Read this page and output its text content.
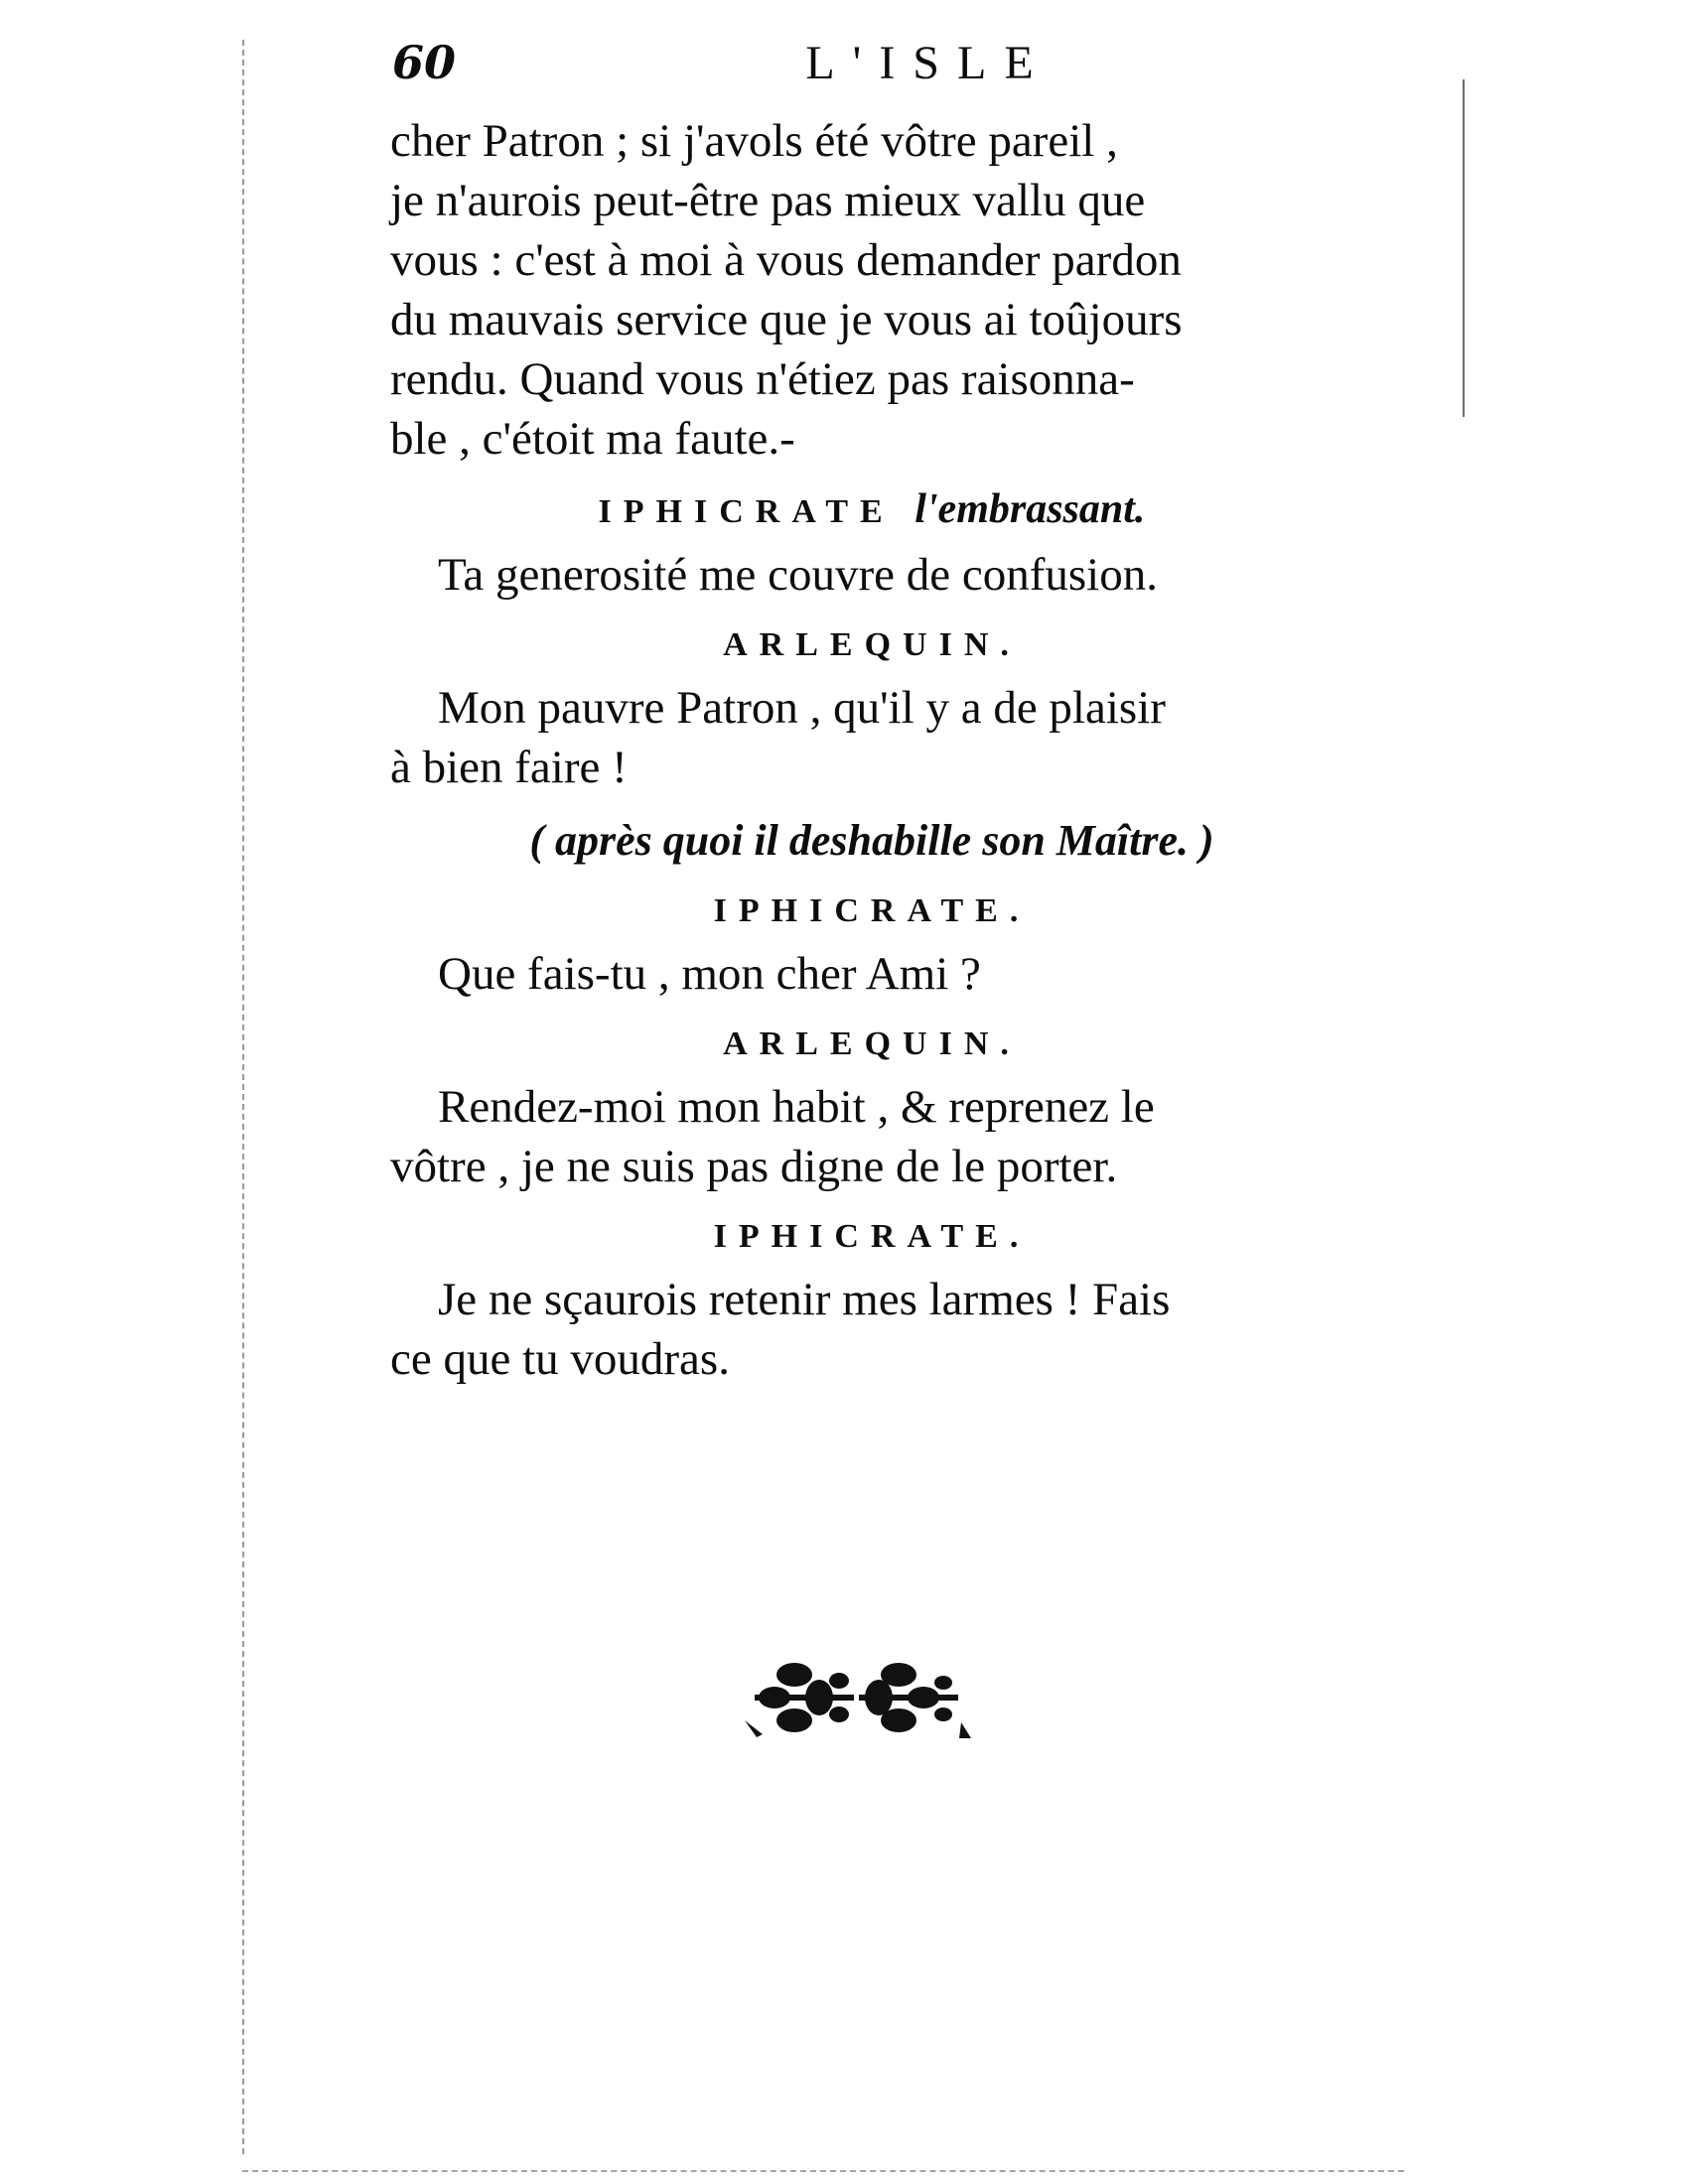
60	L'ISLE

cher Patron ; si j'avols été vôtre pareil ,

je n'aurois peut-être pas mieux vallu que

vous : c'est à moi à vous demander pardon

du mauvais service que je vous ai toûjours

rendu. Quand vous n'étiez pas raisonna-

ble , c'étoit ma faute.-

IPHICRATE l'embrassant.

Ta generosité me couvre de confusion.

ARLEQUIN.

Mon pauvre Patron , qu'il y a de plaisir

à bien faire !

( après quoi il deshabille son Maître. )
IPHICRATE.

Que fais-tu , mon cher Ami ?

ARLEQUIN.

Rendez-moi mon habit , & reprenez le

vôtre , je ne suis pas digne de le porter.

IPHICRATE.

Je ne sçaurois retenir mes larmes ! Fais

ce que tu voudras.
